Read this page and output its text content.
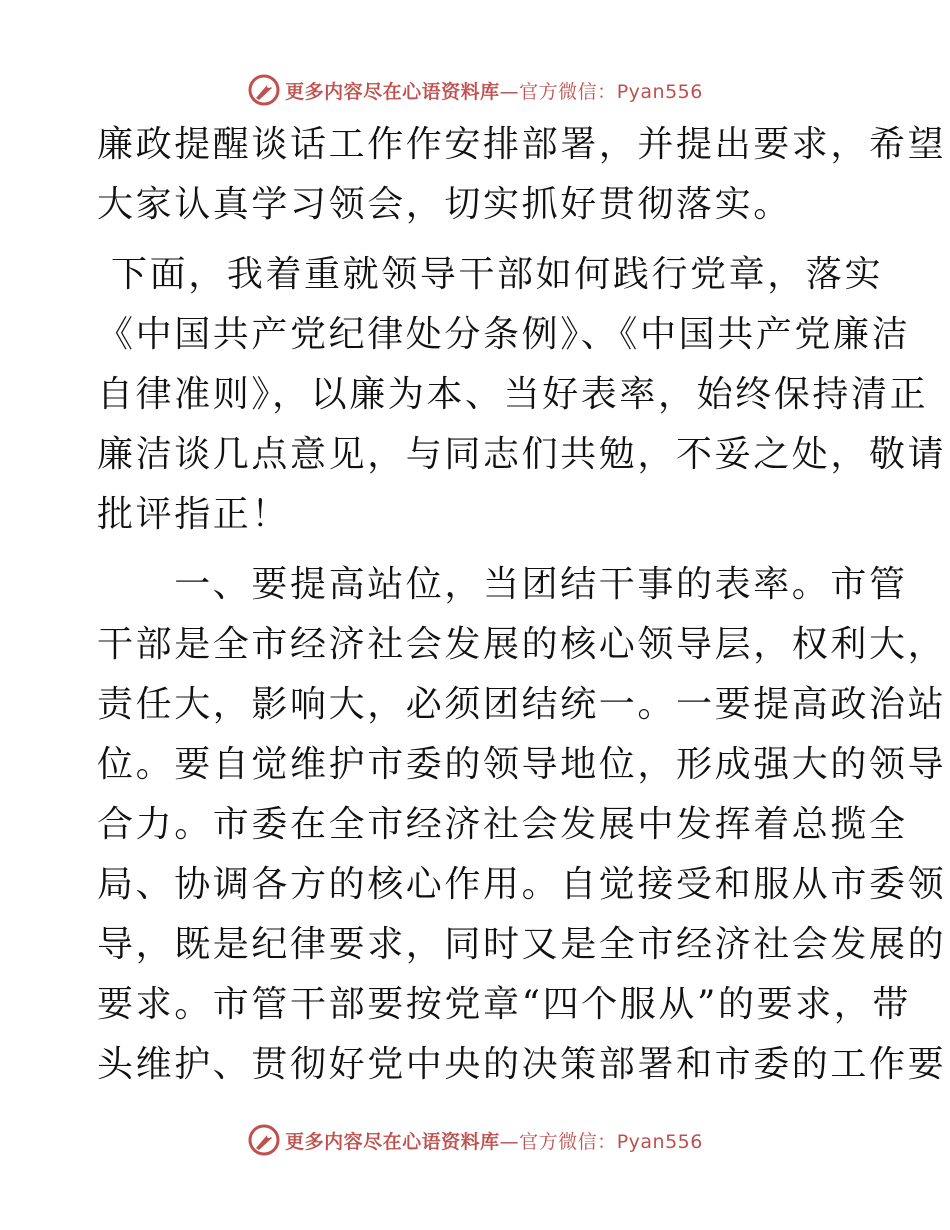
更多内容尽在心语资料库—官方微信：Pyan556
廉政提醒谈话工作作安排部署，并提出要求，希望
大家认真学习领会，切实抓好贯彻落实。
下面，我着重就领导干部如何践行党章，落实
《中国共产党纪律处分条例》、《中国共产党廉洁
自律准则》，以廉为本、当好表率，始终保持清正
廉洁谈几点意见，与同志们共勉，不妥之处，敬请
批评指正！
　　一、要提高站位，当团结干事的表率。市管
干部是全市经济社会发展的核心领导层，权利大，
责任大，影响大，必须团结统一。一要提高政治站
位。要自觉维护市委的领导地位，形成强大的领导
合力。市委在全市经济社会发展中发挥着总揽全
局、协调各方的核心作用。自觉接受和服从市委领
导，既是纪律要求，同时又是全市经济社会发展的
要求。市管干部要按党章“四个服从”的要求，带
头维护、贯彻好党中央的决策部署和市委的工作要
更多内容尽在心语资料库—官方微信：Pyan556
